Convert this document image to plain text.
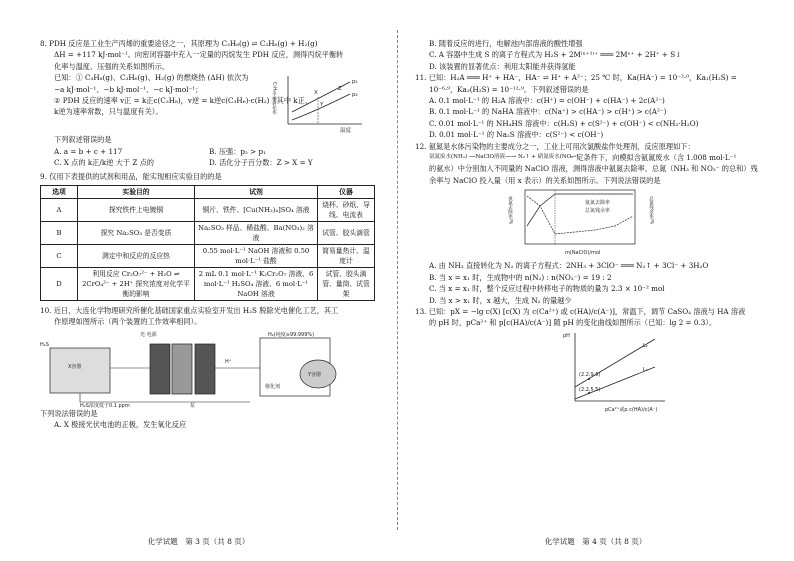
8. PDH 反应是工业生产丙烯的重要途径之一，其原理为 C₃H₈(g) ⇌ C₃H₆(g) + H₂(g)

ΔH = +117 kJ·mol⁻¹。向密闭容器中充入一定量的丙烷发生 PDH 反应，测得丙烷平衡转

化率与温度、压强的关系如图所示。

已知：① C₃H₈(g)、C₃H₆(g)、H₂(g) 的燃烧热 (ΔH) 依次为

−a kJ·mol⁻¹、−b kJ·mol⁻¹、−c kJ·mol⁻¹；

② PDH 反应的速率 v正 = k正c(C₃H₈)，v逆 = k逆c(C₃H₆)·c(H₂)（其中 k正、

k逆为速率常数，只与温度有关）。	C₃H₈平衡转化率
温度
p₁
p₂
X
Y
Z

下列叙述错误的是

A. a = b + c + 117	B. 压强：p₂ > p₁
C. X 点的 k正/k逆 大于 Z 点的	D. 活化分子百分数：Z > X = Y

9. 仅用下表提供的试剂和用品，能实现相应实验目的的是

选项	实验目的	试剂	仪器
A	探究铁件上电镀铜	铜片、铁件、[Cu(NH₃)₄]SO₄ 溶液	烧杯、砂纸、导线、电流表
B	探究 Na₂SO₃ 是否变质	Na₂SO₃ 样品、稀盐酸、Ba(NO₃)₂ 溶液	试管、胶头滴管
C	测定中和反应的反应热	0.55 mol·L⁻¹ NaOH 溶液和 0.50 mol·L⁻¹ 盐酸	简易量热计、温度计
D	利用反应 Cr₂O₇²⁻ + H₂O ⇌ 2CrO₄²⁻ + 2H⁺ 探究浓度对化学平衡的影响	2 mL 0.1 mol·L⁻¹ K₂Cr₂O₇ 溶液、6 mol·L⁻¹ H₂SO₄ 溶液、6 mol·L⁻¹ NaOH 溶液	试管、胶头滴管、量筒、试管架

10. 近日，大连化学物理研究所催化基础国家重点实验室开发出 H₂S 脱除光电催化工艺，其工

作原理如图所示（两个装置的工作效率相同）。

光·电源	H₂(纯度≥99.999%)
H₂S
X容器
Y容器
H⁺
催化剂
泵
H₂S浓度低于0.1 ppm

下列说法错误的是

A. X 极接光伏电池的正极，发生氧化反应

化学试题　第 3 页（共 8 页）

B. 随着反应的进行，电解池内部溶液的酸性增强

C. A 容器中生成 S 的离子方程式为 H₂S + 2M⁽ⁿ⁺¹⁾⁺ ═══ 2Mⁿ⁺ + 2H⁺ + S↓

D. 该装置的显著优点：利用太阳能并获得氢能

11. 已知：H₂A ═══ H⁺ + HA⁻，HA⁻ ⇌ H⁺ + A²⁻；25 ℃ 时，Ka(HA⁻) = 10⁻²·⁰，Ka₁(H₂S) =

10⁻⁶·⁹，Ka₂(H₂S) = 10⁻¹²·⁹。下列叙述错误的是

A. 0.1 mol·L⁻¹ 的 H₂A 溶液中：c(H⁺) = c(OH⁻) + c(HA⁻) + 2c(A²⁻)

B. 0.1 mol·L⁻¹ 的 NaHA 溶液中：c(Na⁺) > c(HA⁻) > c(H⁺) > c(A²⁻)

C. 0.01 mol·L⁻¹ 的 NH₄HS 溶液中：c(H₂S) + c(S²⁻) + c(OH⁻) < c(NH₃·H₂O)

D. 0.01 mol·L⁻¹ 的 Na₂S 溶液中：c(S²⁻) < c(OH⁻)

12. 氨氮是水体污染物的主要成分之一，工业上可用次氯酸盐作处理剂，反应原理如下：

氨氮废水(NH₃) ──NaClO溶液──→ N₂↑ + 硝氮废水(NO₃⁻)
一定条件下，向模拟含氨氮废水（含 1.008 mol·L⁻¹

的氨水）中分别加入不同量的 NaClO 溶液，测得溶液中氨氮去除率、总氮（NH₃ 和 NO₃⁻ 的总和）残

余率与 NaClO 投入量（用 x 表示）的关系如图所示。下列说法错误的是

氨氮去除率/%	总氮残余率/%
氨氮去除率
总氮残余率
m(NaClO)/mol

A. 由 NH₃ 直接转化为 N₂ 的离子方程式：2NH₃ + 3ClO⁻ ═══ N₂↑ + 3Cl⁻ + 3H₂O

B. 当 x = x₁ 时，生成物中的 n(N₂) : n(NO₃⁻) = 19 : 2

C. 当 x = x₁ 时，整个反应过程中转移电子的物质的量为 2.3 × 10⁻² mol

D. 当 x > x₁ 时，x 越大，生成 N₂ 的量越少

13. 已知：pX = −lg c(X) [c(X) 为 c(Ca²⁺) 或 c(HA)/c(A⁻)]，常温下，调节 CaSO₄ 溶液与 HA 溶液

的 pH 时，pCa²⁺ 和 p[c(HA)/c(A⁻)] 随 pH 的变化曲线如图所示（已知：lg 2 = 0.3）。

pH
L₂
L₁
(2.2,9.6)
(2.2,5.5)
pCa²⁺或p c(HA)/c(A⁻)
化学试题　第 4 页（共 8 页）
